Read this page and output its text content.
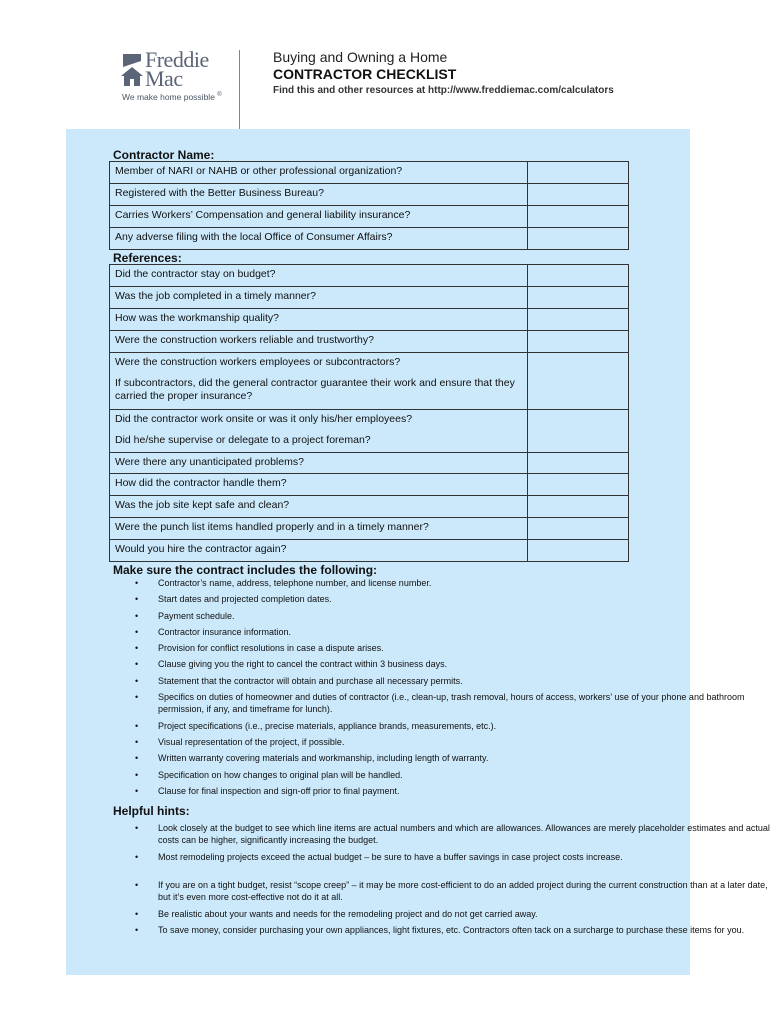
Freddie
Mac
We make home possible ®
Buying and Owning a Home
CONTRACTOR CHECKLIST
Find this and other resources at http://www.freddiemac.com/calculators
Contractor Name:
Member of NARI or NAHB or other professional organization?
Registered with the Better Business Bureau?
Carries Workers’ Compensation and general liability insurance?
Any adverse filing with the local Office of Consumer Affairs?
References:
Did the contractor stay on budget?
Was the job completed in a timely manner?
How was the workmanship quality?
Were the construction workers reliable and trustworthy?
Were the construction workers employees or subcontractors?
If subcontractors, did the general contractor guarantee their work and ensure that they carried the proper insurance?
Did the contractor work onsite or was it only his/her employees?
Did he/she supervise or delegate to a project foreman?
Were there any unanticipated problems?
How did the contractor handle them?
Was the job site kept safe and clean?
Were the punch list items handled properly and in a timely manner?
Would you hire the contractor again?
Make sure the contract includes the following:
• Contractor’s name, address, telephone number, and license number.
• Start dates and projected completion dates.
• Payment schedule.
• Contractor insurance information.
• Provision for conflict resolutions in case a dispute arises.
• Clause giving you the right to cancel the contract within 3 business days.
• Statement that the contractor will obtain and purchase all necessary permits.
• Specifics on duties of homeowner and duties of contractor (i.e., clean-up, trash removal, hours of access, workers’ use of your phone and bathroom permission, if any, and timeframe for lunch).
• Project specifications (i.e., precise materials, appliance brands, measurements, etc.).
• Visual representation of the project, if possible.
• Written warranty covering materials and workmanship, including length of warranty.
• Specification on how changes to original plan will be handled.
• Clause for final inspection and sign-off prior to final payment.
Helpful hints:
• Look closely at the budget to see which line items are actual numbers and which are allowances. Allowances are merely placeholder estimates and actual costs can be higher, significantly increasing the budget.
• Most remodeling projects exceed the actual budget – be sure to have a buffer savings in case project costs increase.
• If you are on a tight budget, resist “scope creep” – it may be more cost-efficient to do an added project during the current construction than at a later date, but it’s even more cost-effective not do it at all.
• Be realistic about your wants and needs for the remodeling project and do not get carried away.
• To save money, consider purchasing your own appliances, light fixtures, etc. Contractors often tack on a surcharge to purchase these items for you.
